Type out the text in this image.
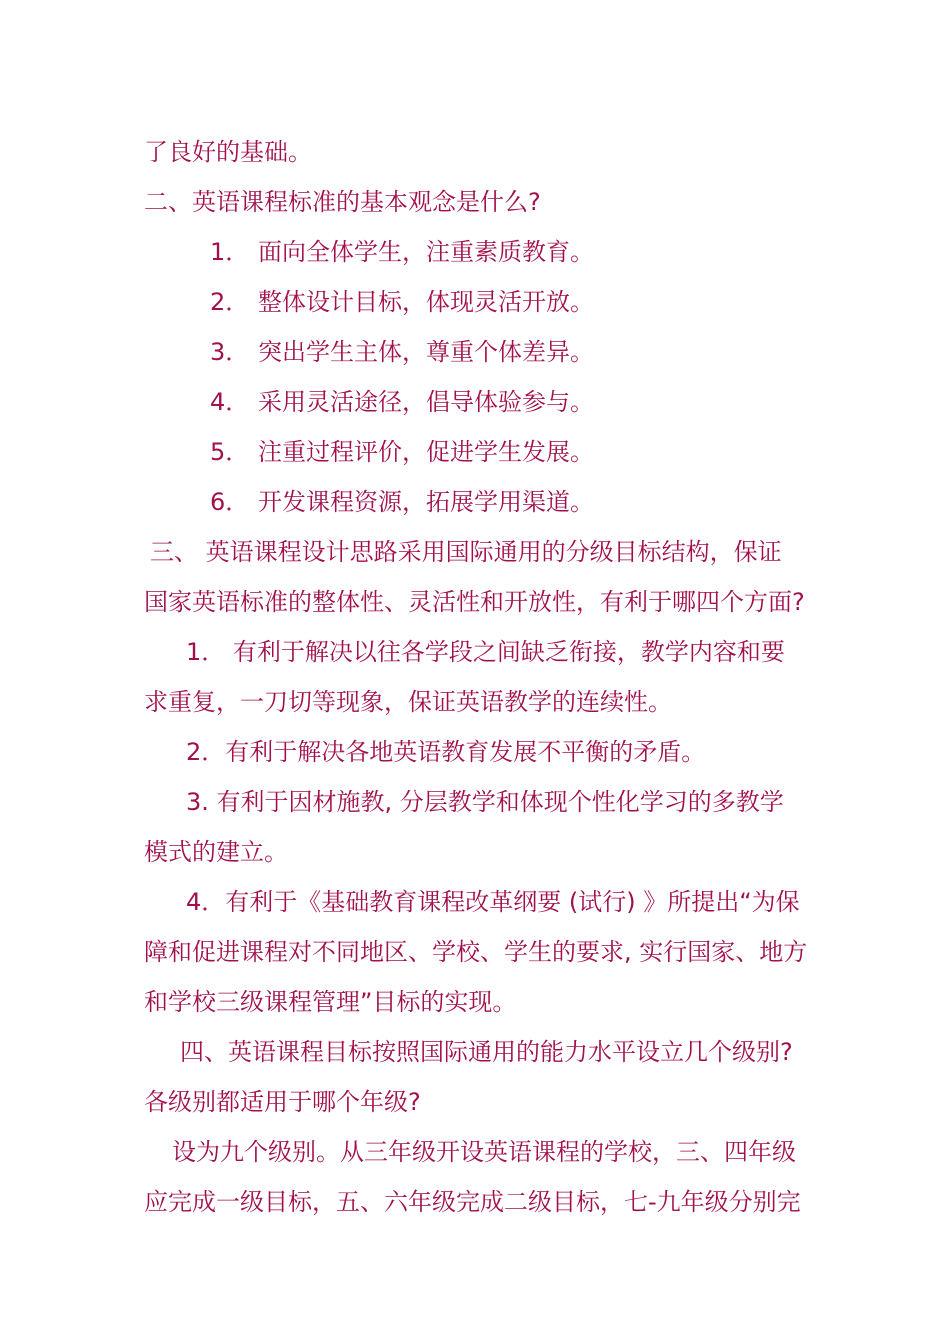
了良好的基础。
二、英语课程标准的基本观念是什么?
1． 面向全体学生，注重素质教育。
2． 整体设计目标，体现灵活开放。
3． 突出学生主体，尊重个体差异。
4． 采用灵活途径，倡导体验参与。
5． 注重过程评价，促进学生发展。
6． 开发课程资源，拓展学用渠道。
三、 英语课程设计思路采用国际通用的分级目标结构，保证
国家英语标准的整体性、灵活性和开放性，有利于哪四个方面?
1． 有利于解决以往各学段之间缺乏衔接，教学内容和要
求重复，一刀切等现象，保证英语教学的连续性。
2．有利于解决各地英语教育发展不平衡的矛盾。
3. 有利于因材施教, 分层教学和体现个性化学习的多教学
模式的建立。
4．有利于《基础教育课程改革纲要 (试行) 》所提出“为保
障和促进课程对不同地区、学校、学生的要求, 实行国家、地方
和学校三级课程管理”目标的实现。
四、英语课程目标按照国际通用的能力水平设立几个级别?
各级别都适用于哪个年级?
设为九个级别。从三年级开设英语课程的学校，三、四年级
应完成一级目标，五、六年级完成二级目标，七-九年级分别完
